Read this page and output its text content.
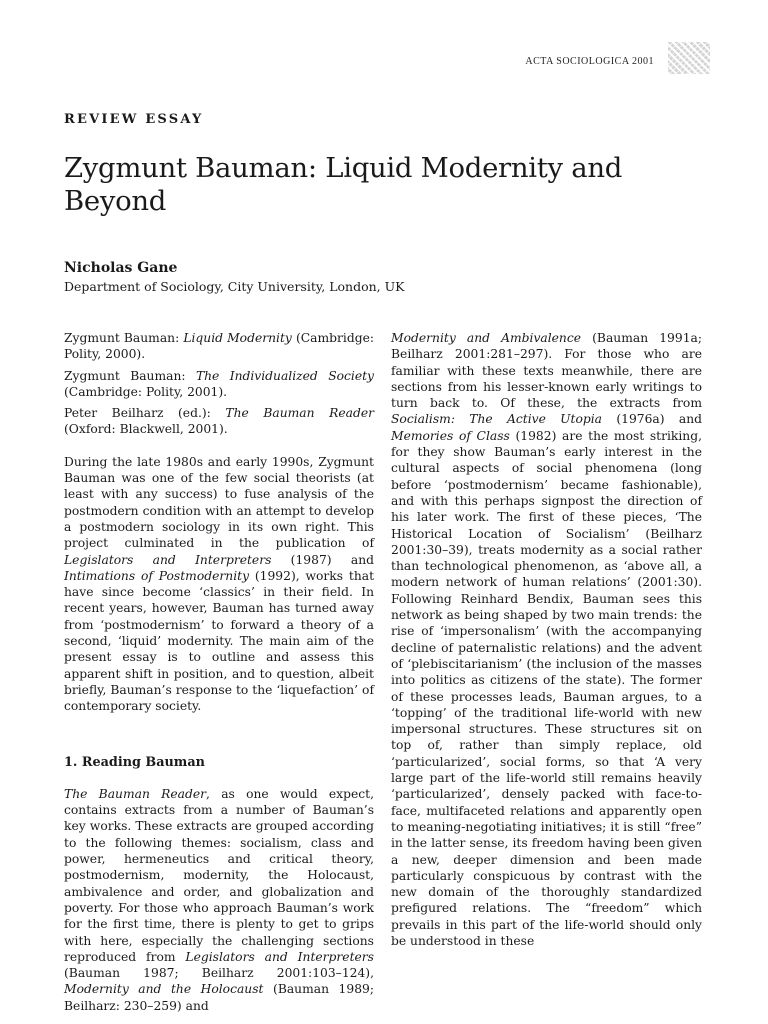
ACTA SOCIOLOGICA 2001
REVIEW ESSAY
Zygmunt Bauman: Liquid Modernity and Beyond
Nicholas Gane
Department of Sociology, City University, London, UK

Zygmunt Bauman: Liquid Modernity (Cambridge: Polity, 2000).

Zygmunt Bauman: The Individualized Society (Cambridge: Polity, 2001).

Peter Beilharz (ed.): The Bauman Reader (Oxford: Blackwell, 2001).

During the late 1980s and early 1990s, Zygmunt Bauman was one of the few social theorists (at least with any success) to fuse analysis of the postmodern condition with an attempt to develop a postmodern sociology in its own right. This project culminated in the publication of Legislators and Interpreters (1987) and Intimations of Postmodernity (1992), works that have since become ‘classics’ in their field. In recent years, however, Bauman has turned away from ‘postmodernism’ to forward a theory of a second, ‘liquid’ modernity. The main aim of the present essay is to outline and assess this apparent shift in position, and to question, albeit briefly, Bauman’s response to the ‘liquefaction’ of contemporary society.

1. Reading Bauman

The Bauman Reader, as one would expect, contains extracts from a number of Bauman’s key works. These extracts are grouped according to the following themes: socialism, class and power, hermeneutics and critical theory, postmodernism, modernity, the Holocaust, ambivalence and order, and globalization and poverty. For those who approach Bauman’s work for the first time, there is plenty to get to grips with here, especially the challenging sections reproduced from Legislators and Interpreters (Bauman 1987; Beilharz 2001:103–124), Modernity and the Holocaust (Bauman 1989; Beilharz: 230–259) and

Modernity and Ambivalence (Bauman 1991a; Beilharz 2001:281–297). For those who are familiar with these texts meanwhile, there are sections from his lesser-known early writings to turn back to. Of these, the extracts from Socialism: The Active Utopia (1976a) and Memories of Class (1982) are the most striking, for they show Bauman’s early interest in the cultural aspects of social phenomena (long before ‘postmodernism’ became fashionable), and with this perhaps signpost the direction of his later work. The first of these pieces, ‘The Historical Location of Socialism’ (Beilharz 2001:30–39), treats modernity as a social rather than technological phenomenon, as ‘above all, a modern network of human relations’ (2001:30). Following Reinhard Bendix, Bauman sees this network as being shaped by two main trends: the rise of ‘impersonalism’ (with the accompanying decline of paternalistic relations) and the advent of ‘plebiscitarianism’ (the inclusion of the masses into politics as citizens of the state). The former of these processes leads, Bauman argues, to a ‘topping’ of the traditional life-world with new impersonal structures. These structures sit on top of, rather than simply replace, old ‘particularized’, social forms, so that ‘A very large part of the life-world still remains heavily ‘particularized’, densely packed with face-to-face, multifaceted relations and apparently open to meaning-negotiating initiatives; it is still “free” in the latter sense, its freedom having been given a new, deeper dimension and been made particularly conspicuous by contrast with the new domain of the thoroughly standardized prefigured relations. The “freedom” which prevails in this part of the life-world should only be understood in these
